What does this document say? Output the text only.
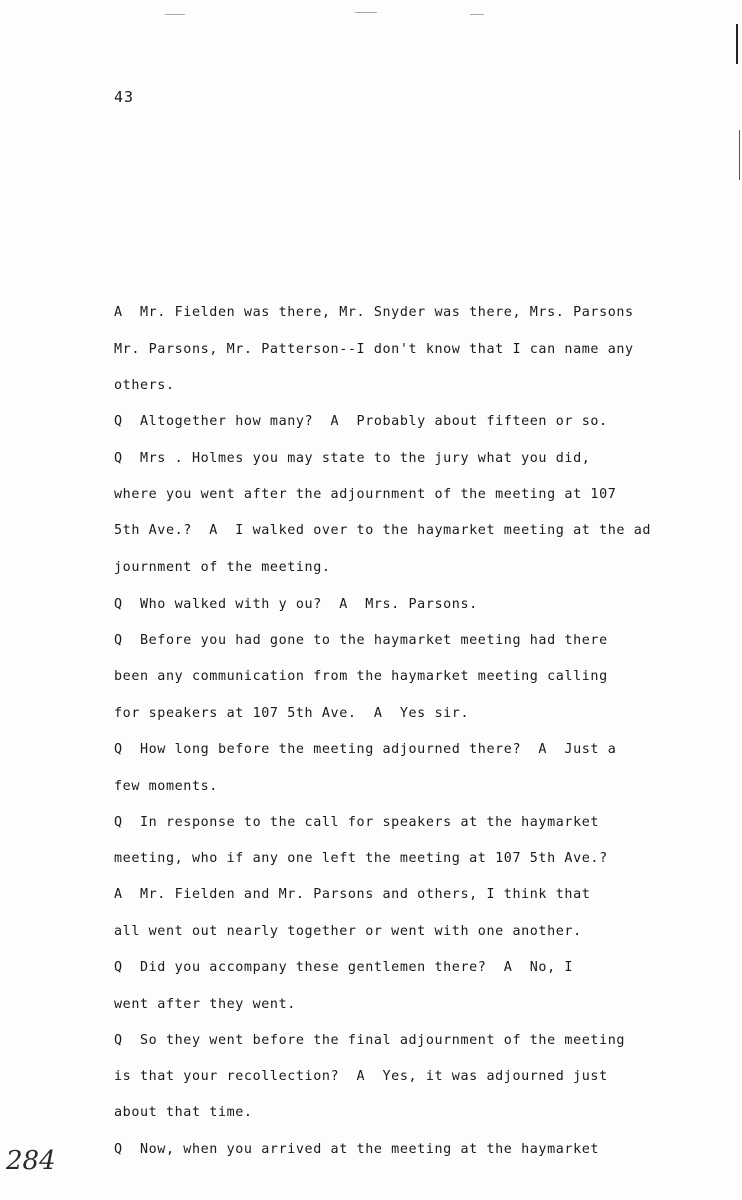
43
A  Mr. Fielden was there, Mr. Snyder was there, Mrs. Parsons
Mr. Parsons, Mr. Patterson--I don't know that I can name any
others.
Q  Altogether how many?  A  Probably about fifteen or so.
Q  Mrs . Holmes you may state to the jury what you did,
where you went after the adjournment of the meeting at 107
5th Ave.?  A  I walked over to the haymarket meeting at the ad
journment of the meeting.
Q  Who walked with y ou?  A  Mrs. Parsons.
Q  Before you had gone to the haymarket meeting had there
been any communication from the haymarket meeting calling
for speakers at 107 5th Ave.  A  Yes sir.
Q  How long before the meeting adjourned there?  A  Just a
few moments.
Q  In response to the call for speakers at the haymarket
meeting, who if any one left the meeting at 107 5th Ave.?
A  Mr. Fielden and Mr. Parsons and others, I think that
all went out nearly together or went with one another.
Q  Did you accompany these gentlemen there?  A  No, I
went after they went.
Q  So they went before the final adjournment of the meeting
is that your recollection?  A  Yes, it was adjourned just
about that time.
Q  Now, when you arrived at the meeting at the haymarket
284
